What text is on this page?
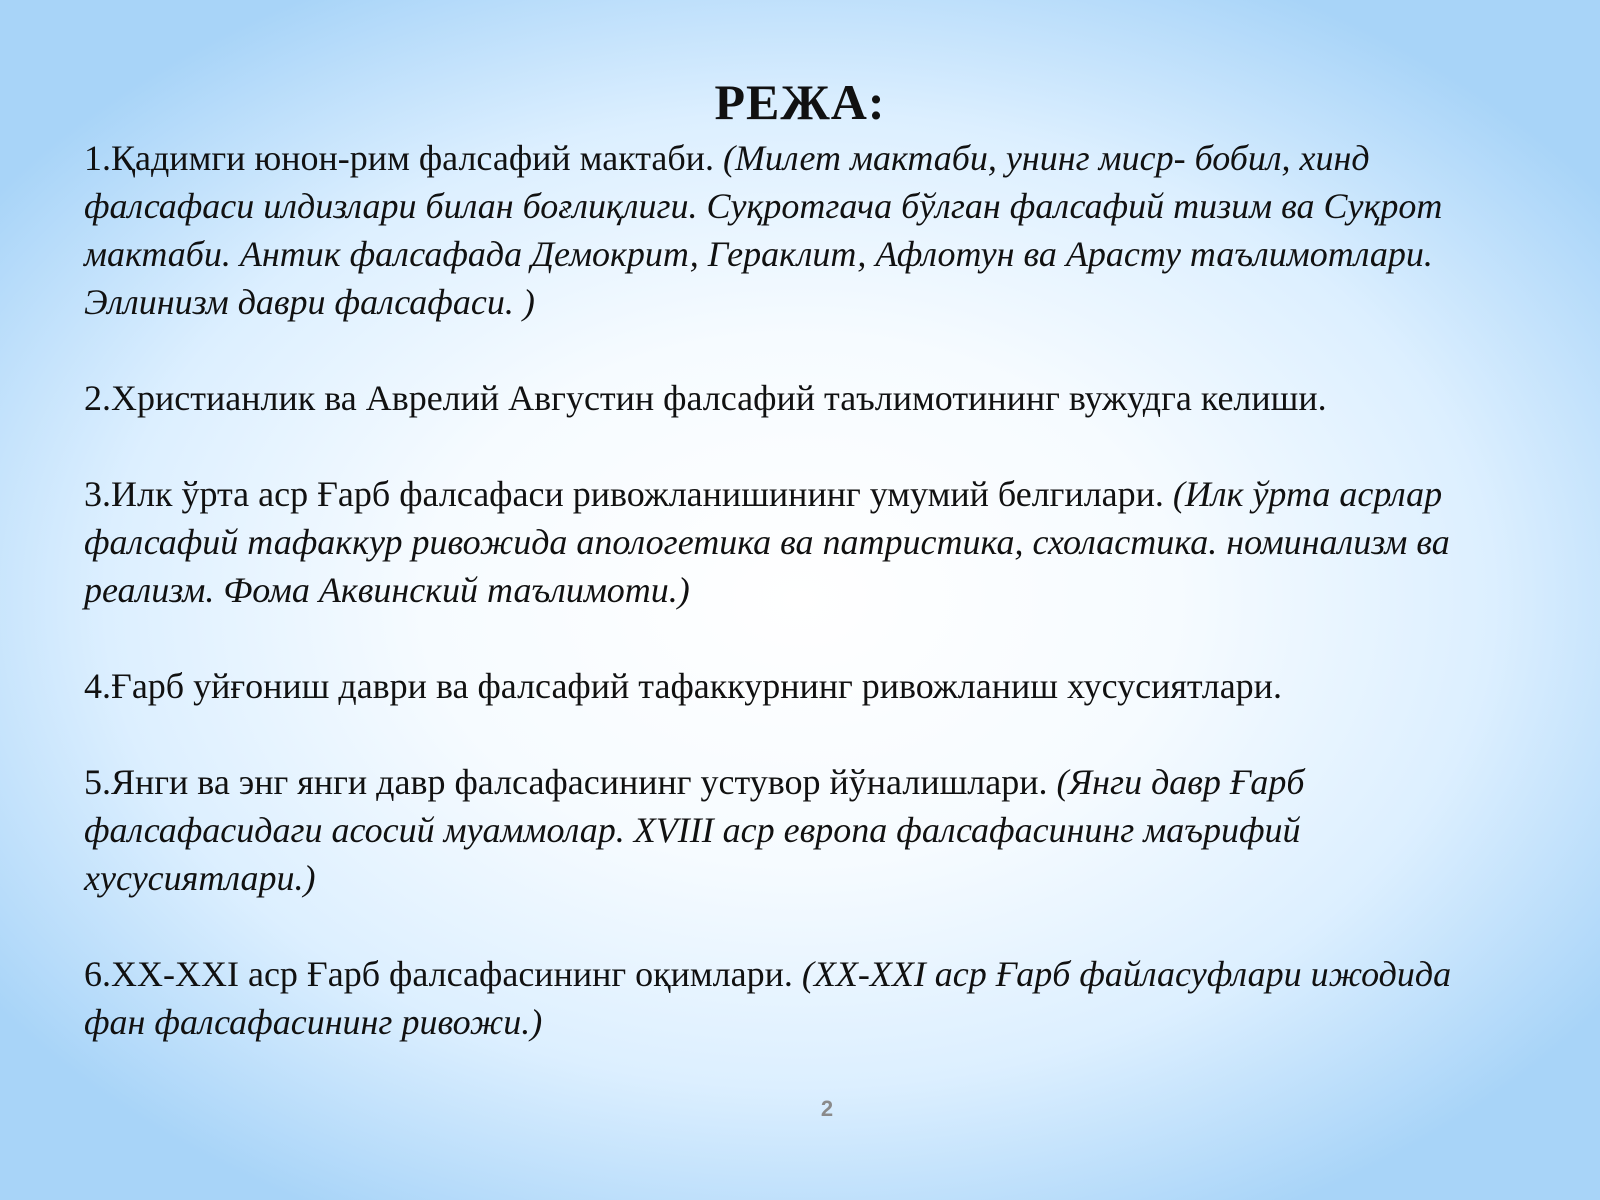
РЕЖА:

1.Қадимги юнон-рим фалсафий мактаби. (Милет мактаби, унинг миср- бобил, хинд фалсафаси илдизлари билан боғлиқлиги. Суқротгача бўлган фалсафий тизим ва Суқрот мактаби. Антик фалсафада Демокрит, Гераклит, Афлотун ва Арасту таълимотлари. Эллинизм даври фалсафаси. )

2.Христианлик ва Аврелий Августин фалсафий таълимотининг вужудга келиши.

3.Илк ўрта аср Ғарб фалсафаси ривожланишининг умумий белгилари. (Илк ўрта асрлар фалсафий тафаккур ривожида апологетика ва патристика, схоластика. номинализм ва реализм. Фома Аквинский таълимоти.)

4.Ғарб уйғониш даври ва фалсафий тафаккурнинг ривожланиш хусусиятлари.

5.Янги ва энг янги давр фалсафасининг устувор йўналишлари. (Янги давр Ғарб фалсафасидаги асосий муаммолар. XVIII аср европа фалсафасининг маърифий хусусиятлари.)

6.XX-XXI аср Ғарб фалсафасининг оқимлари. (XX-XXI аср Ғарб файласуфлари ижодида фан фалсафасининг ривожи.)

2
